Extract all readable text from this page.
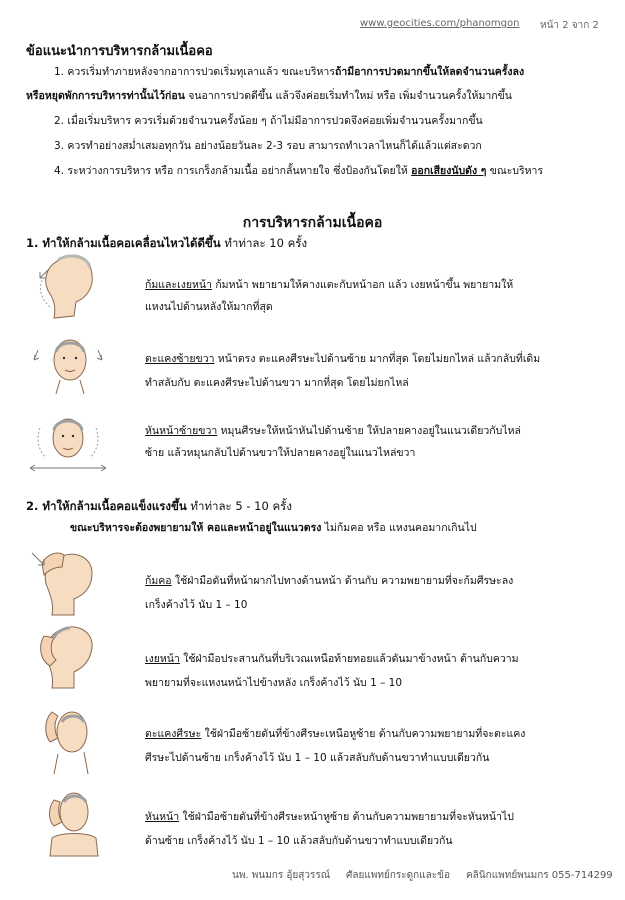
www.geocities.com/phanomgon หน้า 2 จาก 2
ข้อแนะนำการบริหารกล้ามเนื้อคอ
1. ควรเริ่มทำภายหลังจากอาการปวดเริ่มทุเลาแล้ว ขณะบริหารถ้ามีอาการปวดมากขึ้นให้ลดจำนวนครั้งลง
หรือหยุดพักการบริหารท่านั้นไว้ก่อน จนอาการปวดดีขึ้น แล้วจึงค่อยเริ่มทำใหม่ หรือ เพิ่มจำนวนครั้งให้มากขึ้น
2. เมื่อเริ่มบริหาร ควรเริ่มด้วยจำนวนครั้งน้อย ๆ ถ้าไม่มีอาการปวดจึงค่อยเพิ่มจำนวนครั้งมากขึ้น
3. ควรทำอย่างสม่ำเสมอทุกวัน อย่างน้อยวันละ 2-3 รอบ สามารถทำเวลาไหนก็ได้แล้วแต่สะดวก
4. ระหว่างการบริหาร หรือ การเกร็งกล้ามเนื้อ อย่ากลั้นหายใจ ซึ่งป้องกันโดยให้ ออกเสียงนับดัง ๆ ขณะบริหาร
การบริหารกล้ามเนื้อคอ
1. ทำให้กล้ามเนื้อคอเคลื่อนไหวได้ดีขึ้น ทำท่าละ 10 ครั้ง
ก้มและเงยหน้า ก้มหน้า พยายามให้คางแตะกับหน้าอก แล้ว เงยหน้าขึ้น พยายามให้
แหงนไปด้านหลังให้มากที่สุด
ตะแคงซ้ายขวา หน้าตรง ตะแคงศีรษะไปด้านซ้าย มากที่สุด โดยไม่ยกไหล่ แล้วกลับที่เดิม
ทำสลับกับ ตะแคงศีรษะไปด้านขวา มากที่สุด โดยไม่ยกไหล่
หันหน้าซ้ายขวา หมุนศีรษะให้หน้าหันไปด้านซ้าย ให้ปลายคางอยู่ในแนวเดียวกับไหล่
ซ้าย แล้วหมุนกลับไปด้านขวาให้ปลายคางอยู่ในแนวไหล่ขวา
2. ทำให้กล้ามเนื้อคอแข็งแรงขึ้น ทำท่าละ 5 - 10 ครั้ง
ขณะบริหารจะต้องพยายามให้ คอและหน้าอยู่ในแนวตรง ไม่ก้มคอ หรือ แหงนคอมากเกินไป
ก้มคอ ใช้ฝ่ามือดันที่หน้าผากไปทางด้านหน้า ด้านกับ ความพยายามที่จะก้มศีรษะลง
เกร็งค้างไว้ นับ 1 – 10
เงยหน้า ใช้ฝ่ามือประสานกันที่บริเวณเหนือท้ายทอยแล้วดันมาข้างหน้า ต้านกับความ
พยายามที่จะแหงนหน้าไปข้างหลัง เกร็งค้างไว้ นับ 1 – 10
ตะแคงศีรษะ ใช้ฝ่ามือซ้ายดันที่ข้างศีรษะเหนือหูซ้าย ต้านกับความพยายามที่จะตะแคง
ศีรษะไปด้านซ้าย เกร็งค้างไว้ นับ 1 – 10 แล้วสลับกับด้านขวาทำแบบเดียวกัน
หันหน้า ใช้ฝ่ามือซ้ายดันที่ข้างศีรษะหน้าหูซ้าย ต้านกับความพยายามที่จะหันหน้าไป
ด้านซ้าย เกร็งค้างไว้ นับ 1 – 10 แล้วสลับกับด้านขวาทำแบบเดียวกัน
นพ. พนมกร อุ้ยสุวรรณ์ ศัลยแพทย์กระดูกและข้อ คลินิกแพทย์พนมกร 055-714299
